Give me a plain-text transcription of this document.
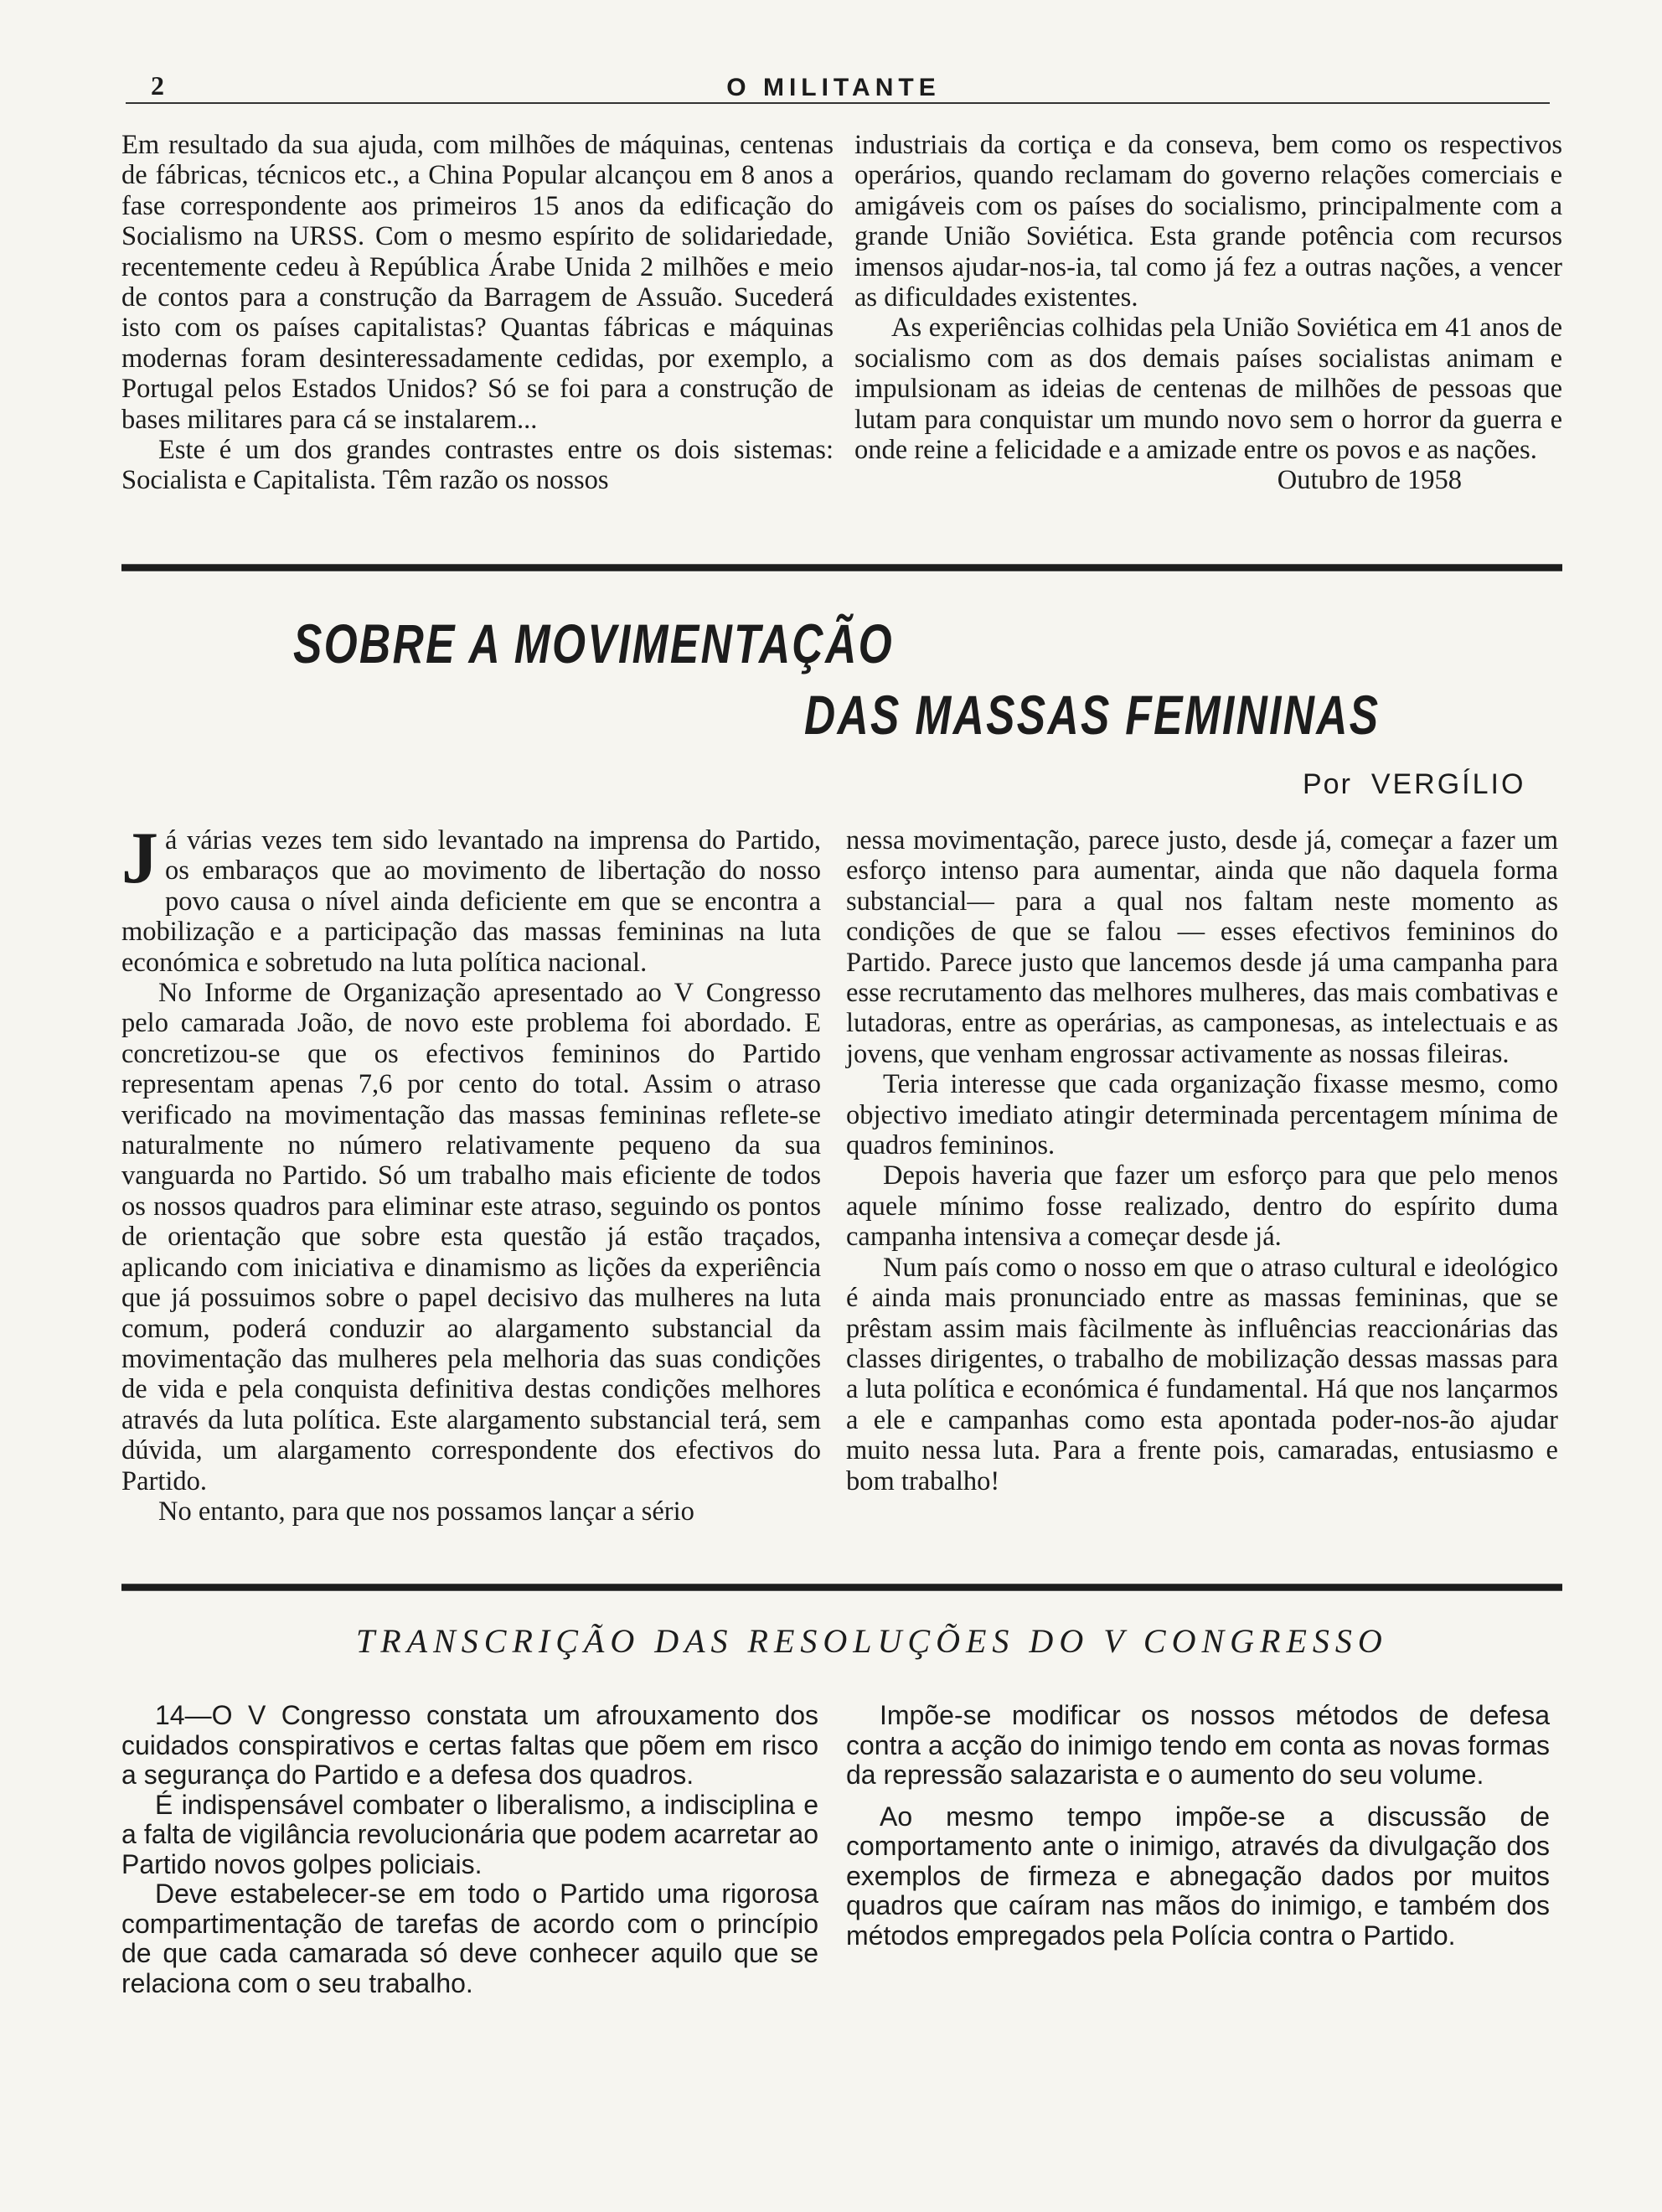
2	O MILITANTE

Em resultado da sua ajuda, com milhões de máquinas, centenas de fábricas, técnicos etc., a China Popular alcançou em 8 anos a fase correspondente aos primeiros 15 anos da edificação do Socialismo na URSS. Com o mesmo espírito de solidariedade, recentemente cedeu à República Árabe Unida 2 milhões e meio de contos para a construção da Barragem de Assuão. Sucederá isto com os países capitalistas? Quantas fábricas e máquinas modernas foram desinteressadamente cedidas, por exemplo, a Portugal pelos Estados Unidos? Só se foi para a construção de bases militares para cá se instalarem...

Este é um dos grandes contrastes entre os dois sistemas: Socialista e Capitalista. Têm razão os nossos

industriais da cortiça e da conseva, bem como os respectivos operários, quando reclamam do governo relações comerciais e amigáveis com os países do socialismo, principalmente com a grande União Soviética. Esta grande potência com recursos imensos ajudar-nos-ia, tal como já fez a outras nações, a vencer as dificuldades existentes.

As experiências colhidas pela União Soviética em 41 anos de socialismo com as dos demais países socialistas animam e impulsionam as ideias de centenas de milhões de pessoas que lutam para conquistar um mundo novo sem o horror da guerra e onde reine a felicidade e a amizade entre os povos e as nações.

Outubro de 1958

SOBRE A MOVIMENTAÇÃO
DAS MASSAS FEMININAS
Por VERGÍLIO

Já várias vezes tem sido levantado na imprensa do Partido, os embaraços que ao movimento de libertação do nosso povo causa o nível ainda deficiente em que se encontra a mobilização e a participação das massas femininas na luta económica e sobretudo na luta política nacional.

No Informe de Organização apresentado ao V Congresso pelo camarada João, de novo este problema foi abordado. E concretizou-se que os efectivos femininos do Partido representam apenas 7,6 por cento do total. Assim o atraso verificado na movimentação das massas femininas reflete-se naturalmente no número relativamente pequeno da sua vanguarda no Partido. Só um trabalho mais eficiente de todos os nossos quadros para eliminar este atraso, seguindo os pontos de orientação que sobre esta questão já estão traçados, aplicando com iniciativa e dinamismo as lições da experiência que já possuimos sobre o papel decisivo das mulheres na luta comum, poderá conduzir ao alargamento substancial da movimentação das mulheres pela melhoria das suas condições de vida e pela conquista definitiva destas condições melhores através da luta política. Este alargamento substancial terá, sem dúvida, um alargamento correspondente dos efectivos do Partido.

No entanto, para que nos possamos lançar a sério

nessa movimentação, parece justo, desde já, começar a fazer um esforço intenso para aumentar, ainda que não daquela forma substancial— para a qual nos faltam neste momento as condições de que se falou — esses efectivos femininos do Partido. Parece justo que lancemos desde já uma campanha para esse recrutamento das melhores mulheres, das mais combativas e lutadoras, entre as operárias, as camponesas, as intelectuais e as jovens, que venham engrossar activamente as nossas fileiras.

Teria interesse que cada organização fixasse mesmo, como objectivo imediato atingir determinada percentagem mínima de quadros femininos.

Depois haveria que fazer um esforço para que pelo menos aquele mínimo fosse realizado, dentro do espírito duma campanha intensiva a começar desde já.

Num país como o nosso em que o atraso cultural e ideológico é ainda mais pronunciado entre as massas femininas, que se prêstam assim mais fàcilmente às influências reaccionárias das classes dirigentes, o trabalho de mobilização dessas massas para a luta política e económica é fundamental. Há que nos lançarmos a ele e campanhas como esta apontada poder-nos-ão ajudar muito nessa luta. Para a frente pois, camaradas, entusiasmo e bom trabalho!

TRANSCRIÇÃO DAS RESOLUÇÕES DO V CONGRESSO

14—O V Congresso constata um afrouxamento dos cuidados conspirativos e certas faltas que põem em risco a segurança do Partido e a defesa dos quadros.

É indispensável combater o liberalismo, a indisciplina e a falta de vigilância revolucionária que podem acarretar ao Partido novos golpes policiais.

Deve estabelecer-se em todo o Partido uma rigorosa compartimentação de tarefas de acordo com o princípio de que cada camarada só deve conhecer aquilo que se relaciona com o seu trabalho.

Impõe-se modificar os nossos métodos de defesa contra a acção do inimigo tendo em conta as novas formas da repressão salazarista e o aumento do seu volume.

Ao mesmo tempo impõe-se a discussão de comportamento ante o inimigo, através da divulgação dos exemplos de firmeza e abnegação dados por muitos quadros que caíram nas mãos do inimigo, e também dos métodos empregados pela Polícia contra o Partido.
